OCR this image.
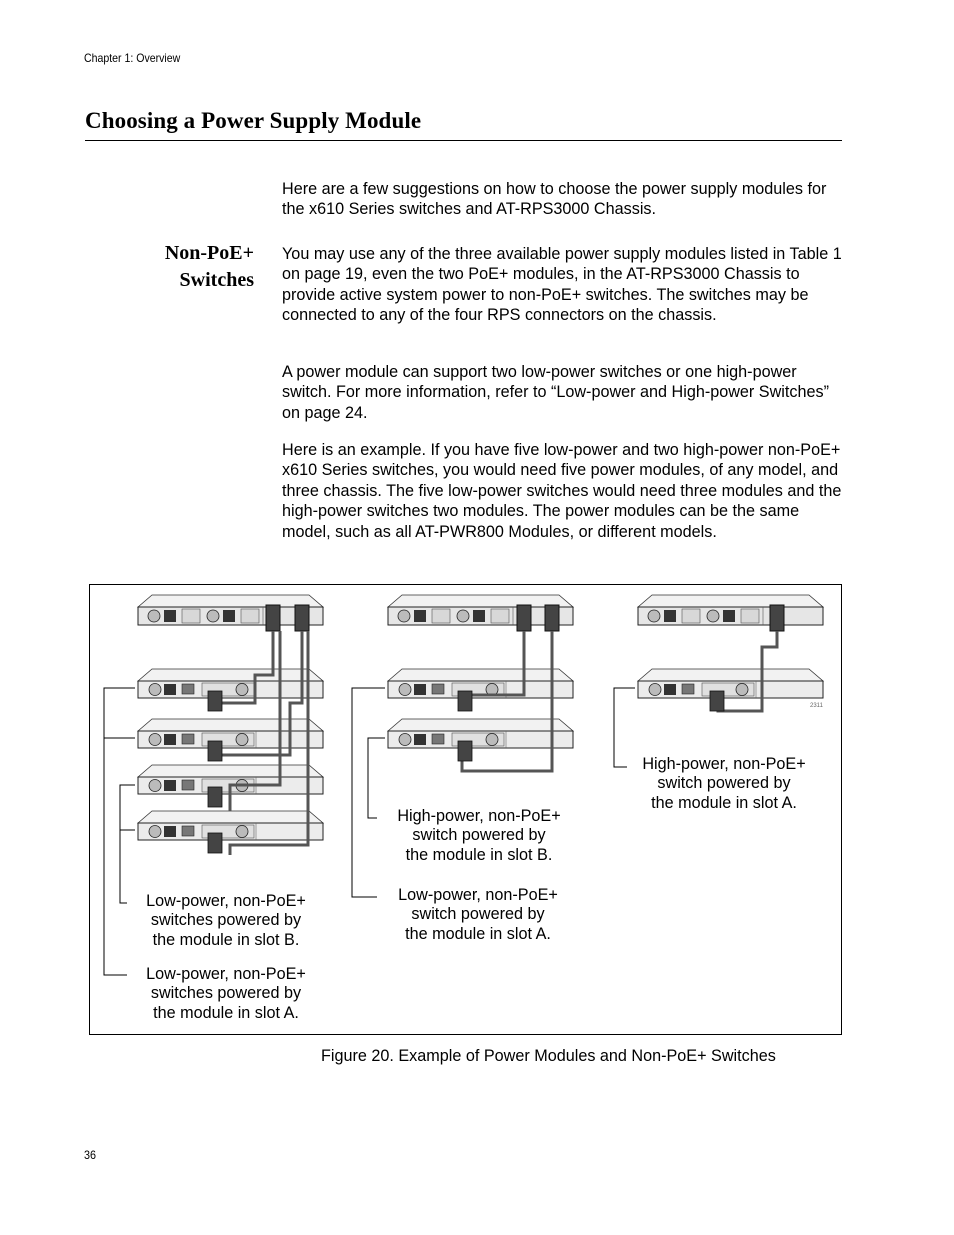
Chapter 1: Overview
Choosing a Power Supply Module
Here are a few suggestions on how to choose the power supply modules for the x610 Series switches and AT-RPS3000 Chassis.
Non-PoE+
Switches
You may use any of the three available power supply modules listed in Table 1 on page 19, even the two PoE+ modules, in the AT-RPS3000 Chassis to provide active system power to non-PoE+ switches. The switches may be connected to any of the four RPS connectors on the chassis.
A power module can support two low-power switches or one high-power switch. For more information, refer to “Low-power and High-power Switches” on page 24.
Here is an example. If you have five low-power and two high-power non-PoE+ x610 Series switches, you would need five power modules, of any model, and three chassis. The five low-power switches would need three modules and the high-power switches two modules. The power modules can be the same model, such as all AT-PWR800 Modules, or different models.
2311
Low-power, non-PoE+
switches powered by
the module in slot B.
Low-power, non-PoE+
switches powered by
the module in slot A.
High-power, non-PoE+
switch powered by
the module in slot B.
Low-power, non-PoE+
switch powered by
the module in slot A.
High-power, non-PoE+
switch powered by
the module in slot A.
Figure 20. Example of Power Modules and Non-PoE+ Switches
36
